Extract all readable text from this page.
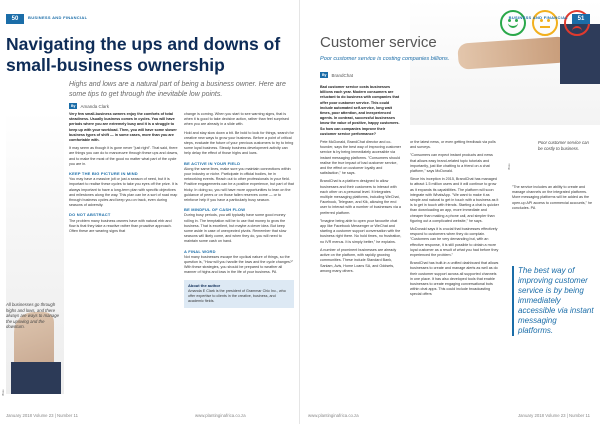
50	BUSINESS AND FINANCIAL
Navigating the ups and downs of small-business ownership
Highs and lows are a natural part of being a business owner. Here are some tips to get through the inevitable low points.
By	Amanda Clark
All businesses go through highs and lows, and there always are ways to manage the upswing and the downturn.
Photo

Very few small-business owners enjoy the comforts of total steadiness. Usually business comes in cycles. You will have periods where you are extremely busy and it is a struggle to keep up with your workload. Then, you will have some slower business types of shift — in some cases, more than you are comfortable with.

It may seem as though it is gone never "just right". That said, there are things you can do to manoeuvre through these ups and downs, and to make the most of the good no matter what part of the cycle you are in.

KEEP THE BIG PICTURE IN MIND

You may have a massive jolt or just a season of need, but it is important to realise these cycles to take you eyes off the prize. It is always important to have a long-term plan with specific objectives and milestones along the way. This plan can be a sort of road map through business cycles and keep you on track, even during seasons of adversity.

DO NOT ABSTRACT

The problem many business owners have with natural ebb and flow is that they take a reactive rather than proactive approach. Often these are wearing signs that

change is coming. When you start to see warning signs, that is when it is good to take decisive action, rather than feel surprised when you are already in a slide with.

Hold and stay slow down a bit. Be bold to look for things, search for creative new ways to grow your business. Before a point of critical steps, evaluate the future of your previous customers to try to bring some loyal business. Steady business development activity can help delay the effect of those highs and lows.

BE ACTIVE IN YOUR FIELD

Along the same lines, make sure you maintain connections within your industry or niche. Participate in official bodies, be in networking events. Reach out to other professionals in your field. Positive engagements can be a positive experience, but part of that tricky. In doing so, you will have more opportunities to lean on the guidance of peers or on those fallen reserves come — or to reinforce help if you have a particularly busy season.

BE MINDFUL OF CASH FLOW

During busy periods, you will typically have some good money rolling in. The temptation will be to use that money to grow the business. That is excellent, but maybe a clever idea. But keep some aside in case of unexpected pivots. Remember that slow seasons will likely come, and when they do, you will need to maintain some cash on hand.

A FINAL WORD

Not many businesses escape the cyclical nature of things, so the question is, "How will you handle the lows and the cycle changes?" With these strategies, you should be prepared to weather all manner of highs and lows in the life of your business. PA

About the author
Amanda E Clark is the president of Grammar Chic Inc., who offer expertise to clients in the creative, business, and academic fields.
January 2018 Volume 23 | Number 11	www.plantinginafrica.co.za
BUSINESS AND FINANCIAL	51
Customer service
Poor customer service is costing companies billions.
By	BrandChat

Bad customer service costs businesses billions each year. Modern consumers are reluctant to do business with companies that offer poor customer service. This could include automated self-service, long wait times, poor attention, and inexperienced agents. In contrast, successful businesses know the value of positive, happy customers. So how can companies improve their customer service performance?

Pete McDonald, BrandChat director and co-founder, says the best way of improving customer service is by being immediately accessible via instant messaging platforms. "Consumers should realise the true impact of bad customer service, and the effect on customer loyalty and satisfaction," he says.

BrandChat is a platform designed to allow businesses and their customers to interact with each other on a personal level. It integrates multiple messaging platforms, including WeChat, Facebook, Telegram, and Kik, allowing the end user to interact with a number of businesses via a preferred platform.

"Imagine being able to open your favourite chat app like Facebook Messenger or WeChat and starting a customer support conversation with the business right there. No hold times, no frustration, no IVR menus. It is simply better," he explains.

A number of prominent businesses are already active on the platform, with rapidly growing communities. These include Standard Bank, Sanlam, Avis, Home Loans SA, and Oddsets, among many others.

or the latest news, or even getting feedback via polls and surveys.

"Consumers can expect instant products and news that allows easy brand-related topic tutorials and importantly, just like chatting to a friend on a chat platform," says McDonald.

Since his inception in 2015, BrandChat has managed to attract 1.5 million users and it will continue to grow as it expands its capabilities. The platform will soon integrate with WhatsApp. "We want to make it as simple and natural to get in touch with a business as it is to get in touch with friends. Starting a chat is quicker than downloading an app, more immediate and cheaper than making a phone call, and simpler than figuring out a complicated website," he says.

McDonald says it is crucial that businesses effectively respond to customers when they do complain. "Customers can be very demanding but, with an effective response, it is still possible to obtain a more loyal customer as a result of what you had before they experienced the problem."

BrandChat has built-in a unified dashboard that allows businesses to create and manage alerts as well as do their customer support across all supported channels in one place. It has also developed tools that enable businesses to create engaging conversational bots within chat apps. This could include broadcasting special offers

Poor customer service can be costly to business.
Photo

"The service includes an ability to create and manage channels on the integrated platforms. More messaging platforms will be added as the open-up API access to commercial accounts," he concludes. PA

The best way of improving customer service is by being immediately accessible via instant messaging platforms.
www.plantinginafrica.co.za	January 2018 Volume 23 | Number 11
